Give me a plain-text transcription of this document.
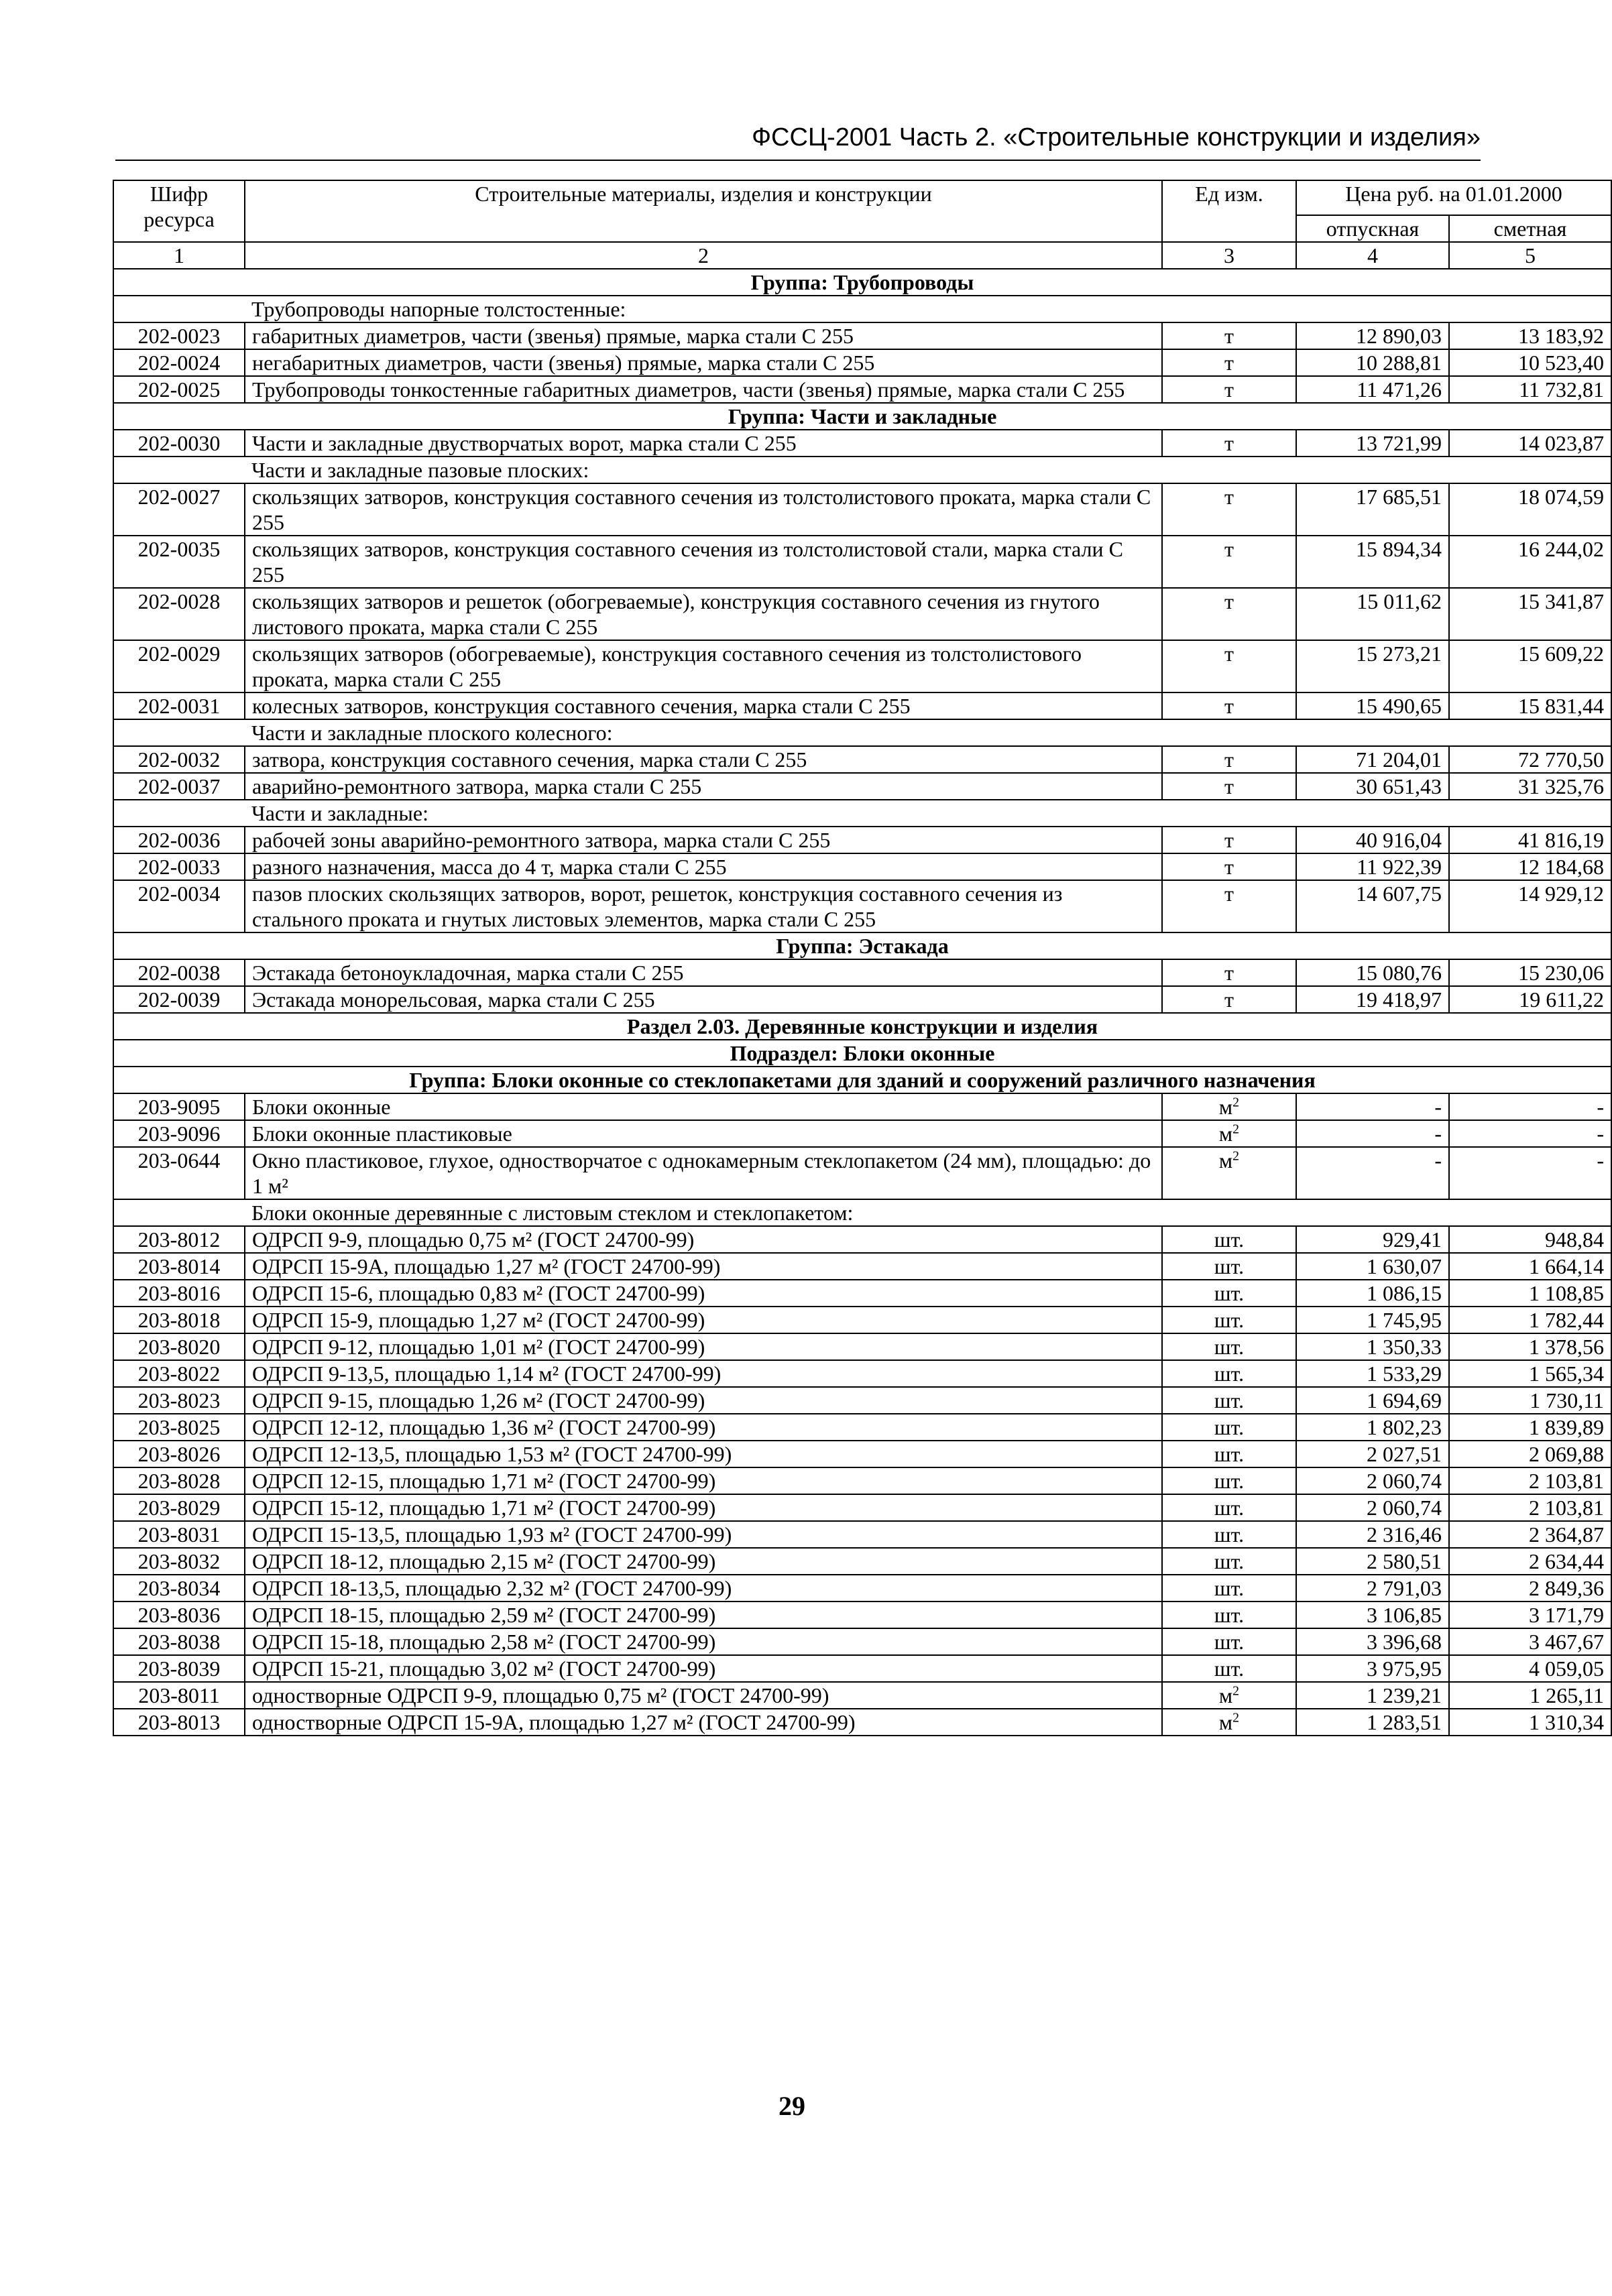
ФССЦ-2001 Часть 2. «Строительные конструкции и изделия»
Шифр ресурса	Строительные материалы, изделия и конструкции	Ед изм.	Цена руб. на 01.01.2000	
			отпускная	сметная
1	2	3	4	5
Группа: Трубопроводы				
	Трубопроводы напорные толстостенные:			
202-0023	габаритных диаметров, части (звенья) прямые, марка стали С 255	т	12 890,03	13 183,92
202-0024	негабаритных диаметров, части (звенья) прямые, марка стали С 255	т	10 288,81	10 523,40
202-0025	Трубопроводы тонкостенные габаритных диаметров, части (звенья) прямые, марка стали С 255	т	11 471,26	11 732,81
Группа: Части и закладные				
202-0030	Части и закладные двустворчатых ворот, марка стали С 255	т	13 721,99	14 023,87
	Части и закладные пазовые плоских:			
202-0027	скользящих затворов, конструкция составного сечения из толстолистового проката, марка стали С 255	т	17 685,51	18 074,59
202-0035	скользящих затворов, конструкция составного сечения из толстолистовой стали, марка стали С 255	т	15 894,34	16 244,02
202-0028	скользящих затворов и решеток (обогреваемые), конструкция составного сечения из гнутого листового проката, марка стали С 255	т	15 011,62	15 341,87
202-0029	скользящих затворов (обогреваемые), конструкция составного сечения из толстолистового проката, марка стали С 255	т	15 273,21	15 609,22
202-0031	колесных затворов, конструкция составного сечения, марка стали С 255	т	15 490,65	15 831,44
	Части и закладные плоского колесного:			
202-0032	затвора, конструкция составного сечения, марка стали С 255	т	71 204,01	72 770,50
202-0037	аварийно-ремонтного затвора, марка стали С 255	т	30 651,43	31 325,76
	Части и закладные:			
202-0036	рабочей зоны аварийно-ремонтного затвора, марка стали С 255	т	40 916,04	41 816,19
202-0033	разного назначения, масса до 4 т, марка стали С 255	т	11 922,39	12 184,68
202-0034	пазов плоских скользящих затворов, ворот, решеток, конструкция составного сечения из стального проката и гнутых листовых элементов, марка стали С 255	т	14 607,75	14 929,12
Группа: Эстакада				
202-0038	Эстакада бетоноукладочная, марка стали С 255	т	15 080,76	15 230,06
202-0039	Эстакада монорельсовая, марка стали С 255	т	19 418,97	19 611,22
Раздел 2.03. Деревянные конструкции и изделия				
Подраздел: Блоки оконные				
Группа: Блоки оконные со стеклопакетами для зданий и сооружений различного назначения				
203-9095	Блоки оконные	$м^2$	-	-
203-9096	Блоки оконные пластиковые	$м^2$	-	-
203-0644	Окно пластиковое, глухое, одностворчатое с однокамерным стеклопакетом (24 мм), площадью: до 1 м²	$м^2$	-	-
	Блоки оконные деревянные с листовым стеклом и стеклопакетом:			
203-8012	ОДРСП 9-9, площадью 0,75 м² (ГОСТ 24700-99)	шт.	929,41	948,84
203-8014	ОДРСП 15-9А, площадью 1,27 м² (ГОСТ 24700-99)	шт.	1 630,07	1 664,14
203-8016	ОДРСП 15-6, площадью 0,83 м² (ГОСТ 24700-99)	шт.	1 086,15	1 108,85
203-8018	ОДРСП 15-9, площадью 1,27 м² (ГОСТ 24700-99)	шт.	1 745,95	1 782,44
203-8020	ОДРСП 9-12, площадью 1,01 м² (ГОСТ 24700-99)	шт.	1 350,33	1 378,56
203-8022	ОДРСП 9-13,5, площадью 1,14 м² (ГОСТ 24700-99)	шт.	1 533,29	1 565,34
203-8023	ОДРСП 9-15, площадью 1,26 м² (ГОСТ 24700-99)	шт.	1 694,69	1 730,11
203-8025	ОДРСП 12-12, площадью 1,36 м² (ГОСТ 24700-99)	шт.	1 802,23	1 839,89
203-8026	ОДРСП 12-13,5, площадью 1,53 м² (ГОСТ 24700-99)	шт.	2 027,51	2 069,88
203-8028	ОДРСП 12-15, площадью 1,71 м² (ГОСТ 24700-99)	шт.	2 060,74	2 103,81
203-8029	ОДРСП 15-12, площадью 1,71 м² (ГОСТ 24700-99)	шт.	2 060,74	2 103,81
203-8031	ОДРСП 15-13,5, площадью 1,93 м² (ГОСТ 24700-99)	шт.	2 316,46	2 364,87
203-8032	ОДРСП 18-12, площадью 2,15 м² (ГОСТ 24700-99)	шт.	2 580,51	2 634,44
203-8034	ОДРСП 18-13,5, площадью 2,32 м² (ГОСТ 24700-99)	шт.	2 791,03	2 849,36
203-8036	ОДРСП 18-15, площадью 2,59 м² (ГОСТ 24700-99)	шт.	3 106,85	3 171,79
203-8038	ОДРСП 15-18, площадью 2,58 м² (ГОСТ 24700-99)	шт.	3 396,68	3 467,67
203-8039	ОДРСП 15-21, площадью 3,02 м² (ГОСТ 24700-99)	шт.	3 975,95	4 059,05
203-8011	одностворные ОДРСП 9-9, площадью 0,75 м² (ГОСТ 24700-99)	$м^2$	1 239,21	1 265,11
203-8013	одностворные ОДРСП 15-9А, площадью 1,27 м² (ГОСТ 24700-99)	$м^2$	1 283,51	1 310,34
29
